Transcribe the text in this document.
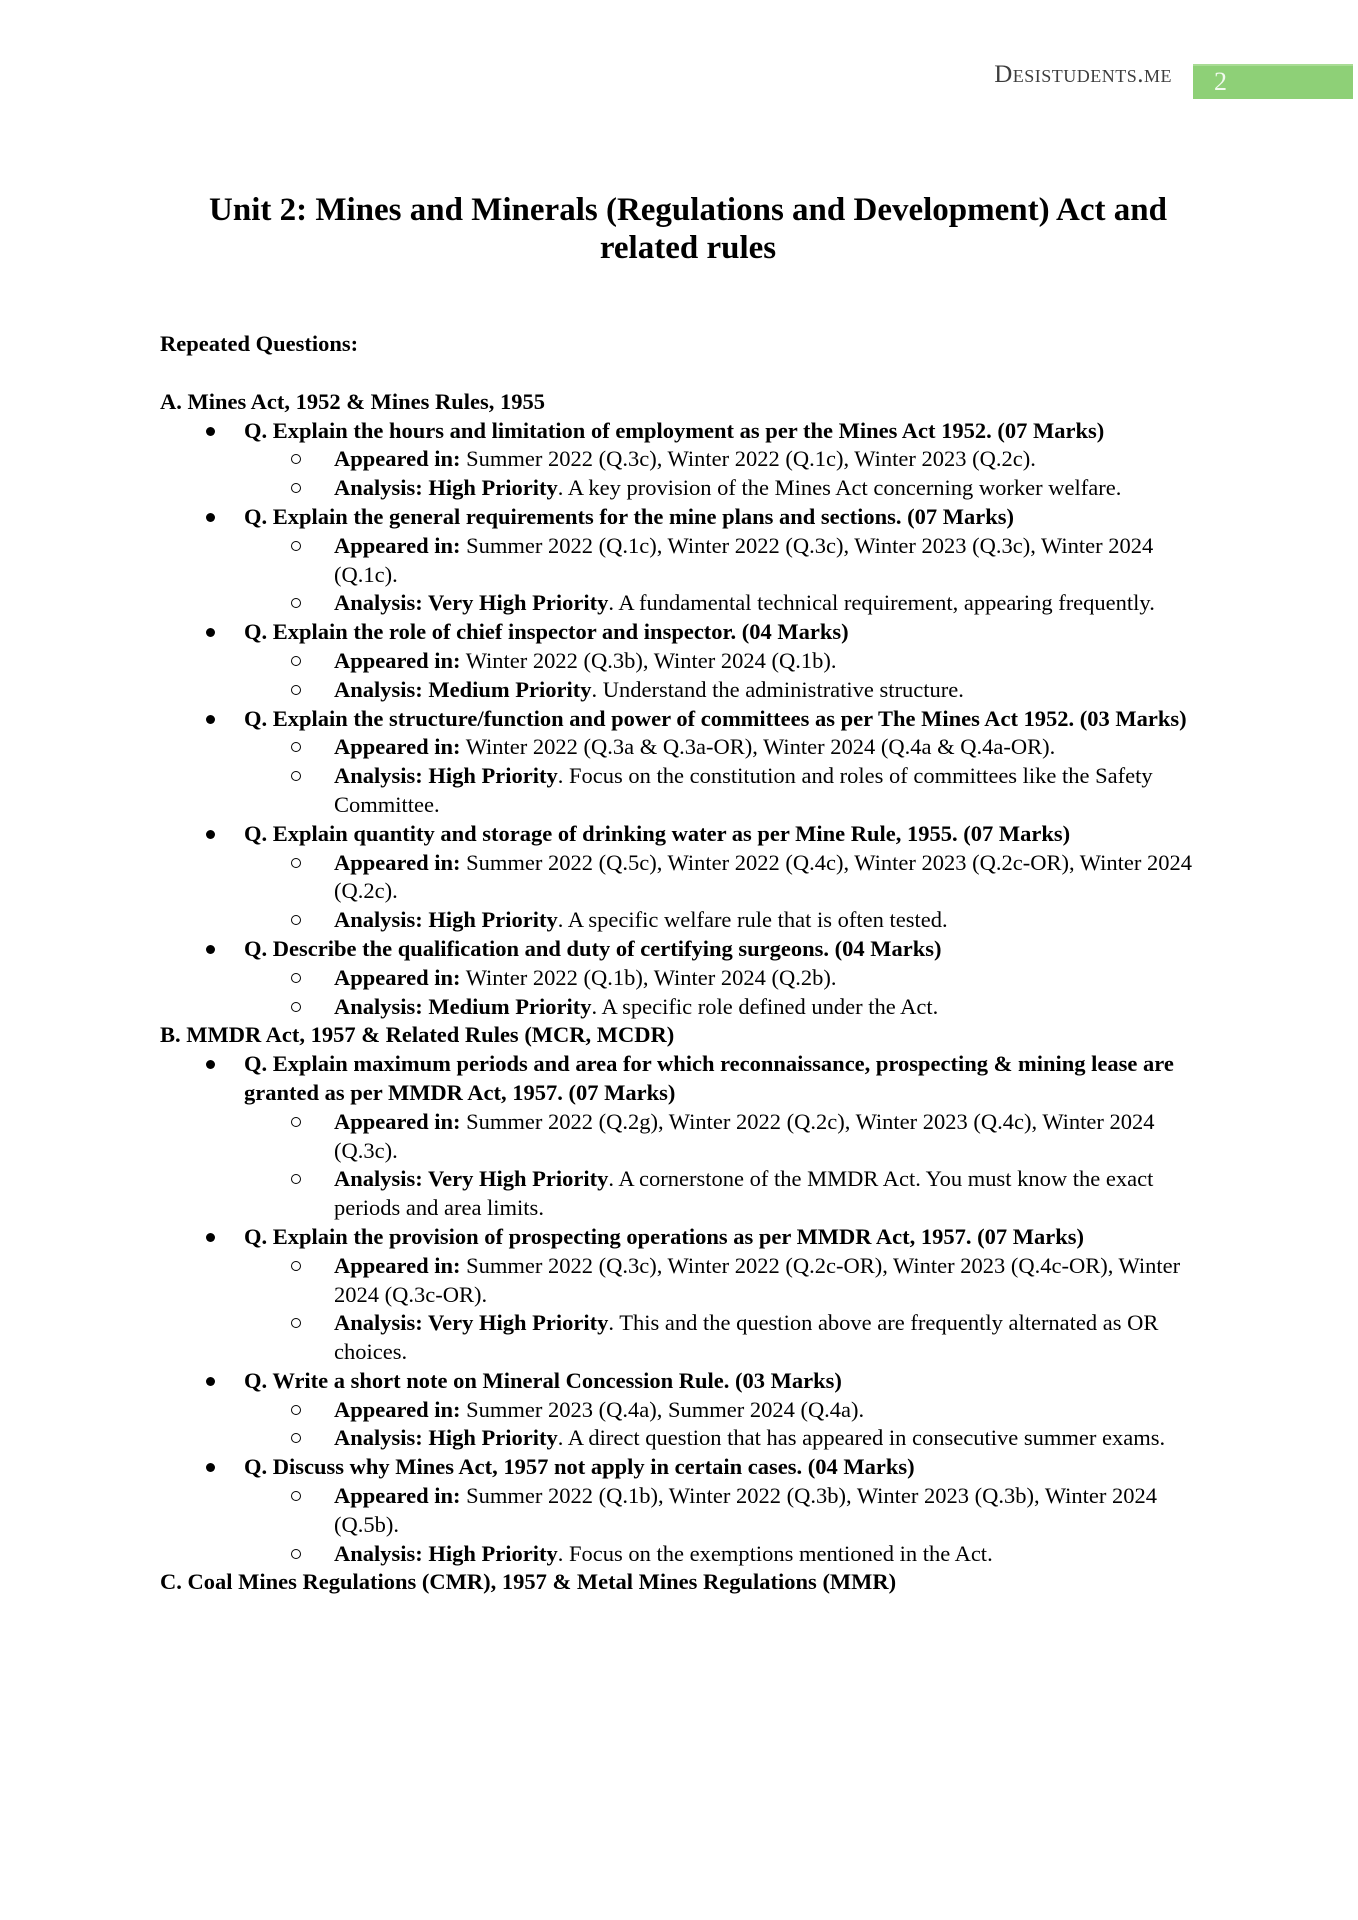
Desistudents.me	2
Unit 2: Mines and Minerals (Regulations and Development) Act and related rules
Repeated Questions:
A. Mines Act, 1952 & Mines Rules, 1955
Q. Explain the hours and limitation of employment as per the Mines Act 1952. (07 Marks)
Appeared in: Summer 2022 (Q.3c), Winter 2022 (Q.1c), Winter 2023 (Q.2c).
Analysis: High Priority. A key provision of the Mines Act concerning worker welfare.
Q. Explain the general requirements for the mine plans and sections. (07 Marks)
Appeared in: Summer 2022 (Q.1c), Winter 2022 (Q.3c), Winter 2023 (Q.3c), Winter 2024 (Q.1c).
Analysis: Very High Priority. A fundamental technical requirement, appearing frequently.
Q. Explain the role of chief inspector and inspector. (04 Marks)
Appeared in: Winter 2022 (Q.3b), Winter 2024 (Q.1b).
Analysis: Medium Priority. Understand the administrative structure.
Q. Explain the structure/function and power of committees as per The Mines Act 1952. (03 Marks)
Appeared in: Winter 2022 (Q.3a & Q.3a-OR), Winter 2024 (Q.4a & Q.4a-OR).
Analysis: High Priority. Focus on the constitution and roles of committees like the Safety Committee.
Q. Explain quantity and storage of drinking water as per Mine Rule, 1955. (07 Marks)
Appeared in: Summer 2022 (Q.5c), Winter 2022 (Q.4c), Winter 2023 (Q.2c-OR), Winter 2024 (Q.2c).
Analysis: High Priority. A specific welfare rule that is often tested.
Q. Describe the qualification and duty of certifying surgeons. (04 Marks)
Appeared in: Winter 2022 (Q.1b), Winter 2024 (Q.2b).
Analysis: Medium Priority. A specific role defined under the Act.
B. MMDR Act, 1957 & Related Rules (MCR, MCDR)
Q. Explain maximum periods and area for which reconnaissance, prospecting & mining lease are granted as per MMDR Act, 1957. (07 Marks)
Appeared in: Summer 2022 (Q.2g), Winter 2022 (Q.2c), Winter 2023 (Q.4c), Winter 2024 (Q.3c).
Analysis: Very High Priority. A cornerstone of the MMDR Act. You must know the exact periods and area limits.
Q. Explain the provision of prospecting operations as per MMDR Act, 1957. (07 Marks)
Appeared in: Summer 2022 (Q.3c), Winter 2022 (Q.2c-OR), Winter 2023 (Q.4c-OR), Winter 2024 (Q.3c-OR).
Analysis: Very High Priority. This and the question above are frequently alternated as OR choices.
Q. Write a short note on Mineral Concession Rule. (03 Marks)
Appeared in: Summer 2023 (Q.4a), Summer 2024 (Q.4a).
Analysis: High Priority. A direct question that has appeared in consecutive summer exams.
Q. Discuss why Mines Act, 1957 not apply in certain cases. (04 Marks)
Appeared in: Summer 2022 (Q.1b), Winter 2022 (Q.3b), Winter 2023 (Q.3b), Winter 2024 (Q.5b).
Analysis: High Priority. Focus on the exemptions mentioned in the Act.
C. Coal Mines Regulations (CMR), 1957 & Metal Mines Regulations (MMR)
